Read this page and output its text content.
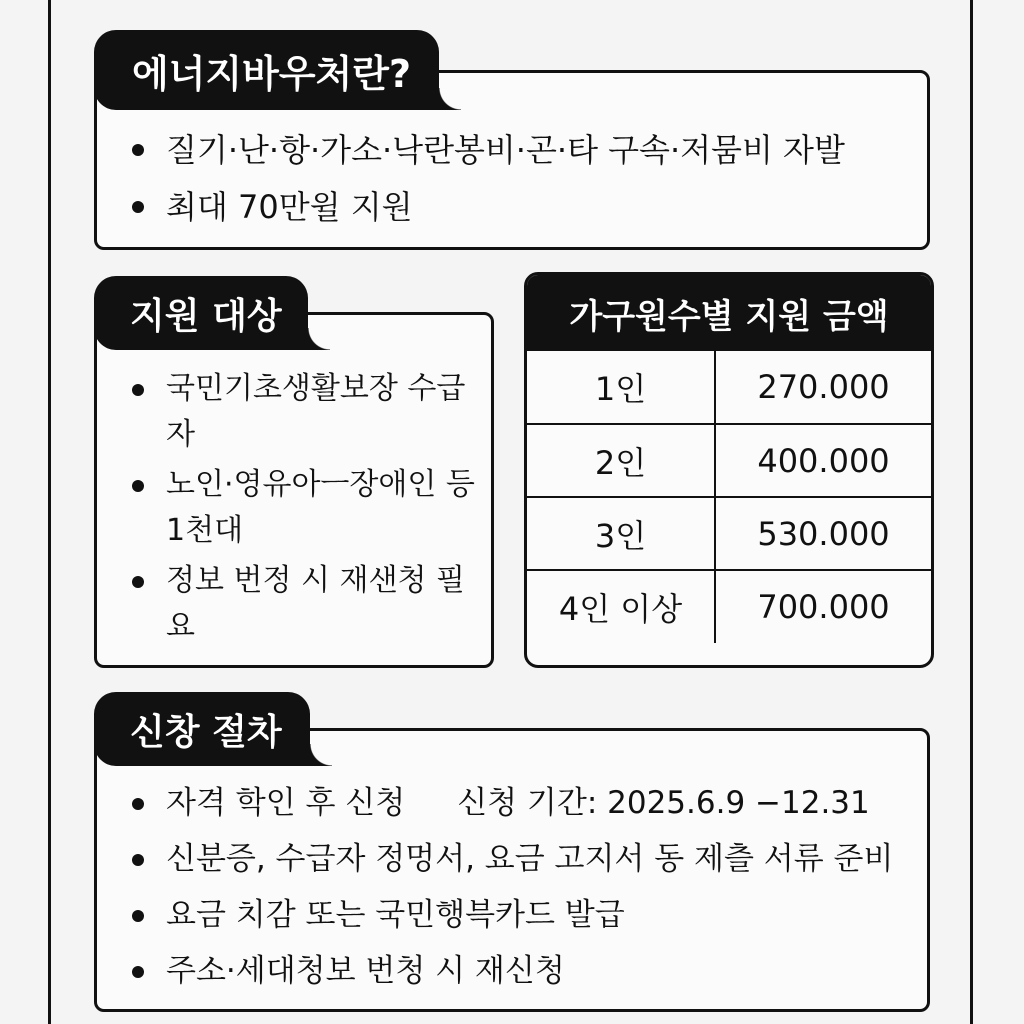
에너지바우처란?
질기·난·항·가소·낙란봉비·곤·타 구속·저뭄비 자발
최대 70만윌 지원
지원 대상
국민기초생활보장 수급자
노인·영유아ㅡ장애인 등 1천대
정보 번정 시 재샌청 필요
가구원수별 지원 금액
1인	270.000
2인	400.000
3인	530.000
4인 이상	700.000
신창 절차
자격 학인 후 신청 신청 기간: 2025.6.9 −12.31
신분증, 수급자 정멍서, 요금 고지서 동 제츨 서류 준비
요금 치감 또는 국민행븍카드 발급
주소·세대청보 번청 시 재신청
